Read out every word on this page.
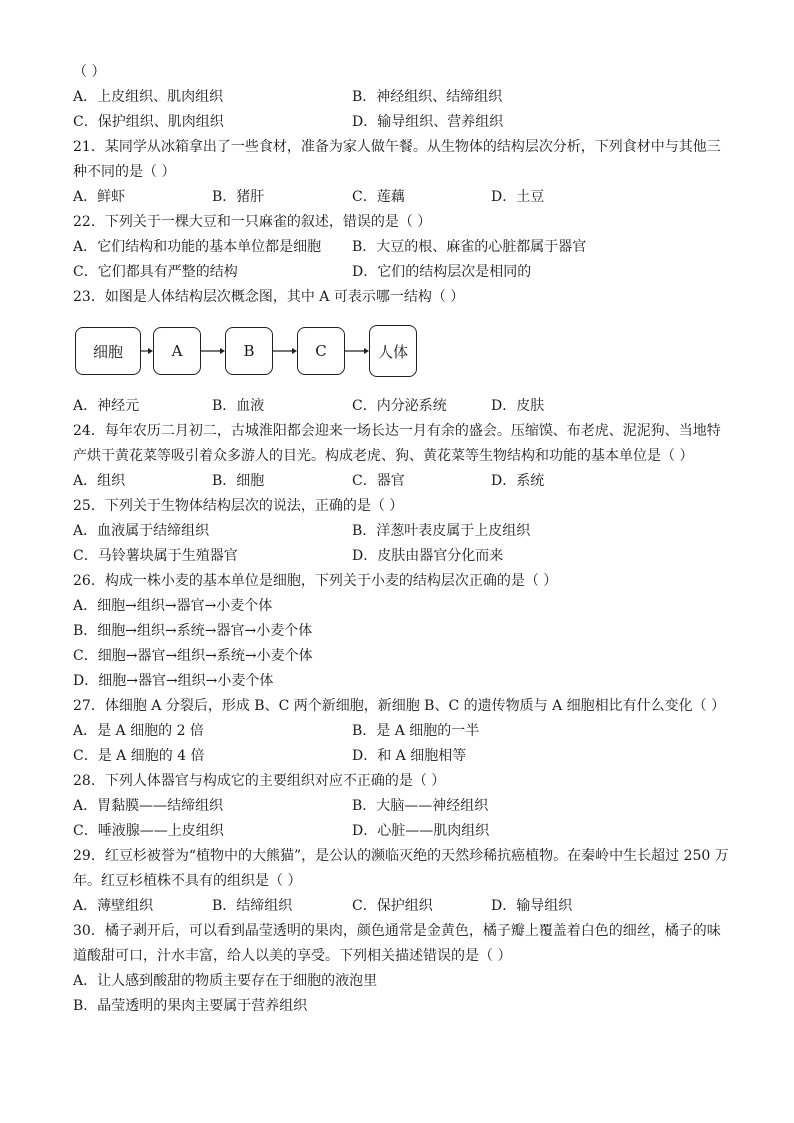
（ ）
A．上皮组织、肌肉组织	B．神经组织、结缔组织
C．保护组织、肌肉组织	D．输导组织、营养组织
21．某同学从冰箱拿出了一些食材，准备为家人做午餐。从生物体的结构层次分析，下列食材中与其他三
种不同的是（ ）
A．鲜虾	B．猪肝	C．莲藕	D．土豆
22．下列关于一棵大豆和一只麻雀的叙述，错误的是（ ）
A．它们结构和功能的基本单位都是细胞 B．大豆的根、麻雀的心脏都属于器官
C．它们都具有严整的结构	D．它们的结构层次是相同的
23．如图是人体结构层次概念图，其中 A 可表示哪一结构（ ）
细胞	A	B	C	人体
A．神经元	B．血液	C．内分泌系统	D．皮肤
24．每年农历二月初二，古城淮阳都会迎来一场长达一月有余的盛会。压缩馍、布老虎、泥泥狗、当地特
产烘干黄花菜等吸引着众多游人的目光。构成老虎、狗、黄花菜等生物结构和功能的基本单位是（ ）
A．组织	B．细胞	C．器官	D．系统
25．下列关于生物体结构层次的说法，正确的是（ ）
A．血液属于结缔组织	B．洋葱叶表皮属于上皮组织
C．马铃薯块属于生殖器官	D．皮肤由器官分化而来
26．构成一株小麦的基本单位是细胞，下列关于小麦的结构层次正确的是（ ）
A．细胞→组织→器官→小麦个体
B．细胞→组织→系统→器官→小麦个体
C．细胞→器官→组织→系统→小麦个体
D．细胞→器官→组织→小麦个体
27．体细胞 A 分裂后，形成 B、C 两个新细胞，新细胞 B、C 的遗传物质与 A 细胞相比有什么变化（ ）
A．是 A 细胞的 2 倍	B．是 A 细胞的一半
C．是 A 细胞的 4 倍	D．和 A 细胞相等
28．下列人体器官与构成它的主要组织对应不正确的是（ ）
A．胃黏膜——结缔组织	B．大脑——神经组织
C．唾液腺——上皮组织	D．心脏——肌肉组织
29．红豆杉被誉为“植物中的大熊猫”，是公认的濒临灭绝的天然珍稀抗癌植物。在秦岭中生长超过 250 万
年。红豆杉植株不具有的组织是（ ）
A．薄壁组织	B．结缔组织	C．保护组织	D．输导组织
30．橘子剥开后，可以看到晶莹透明的果肉，颜色通常是金黄色，橘子瓣上覆盖着白色的细丝，橘子的味
道酸甜可口，汁水丰富，给人以美的享受。下列相关描述错误的是（ ）
A．让人感到酸甜的物质主要存在于细胞的液泡里
B．晶莹透明的果肉主要属于营养组织
